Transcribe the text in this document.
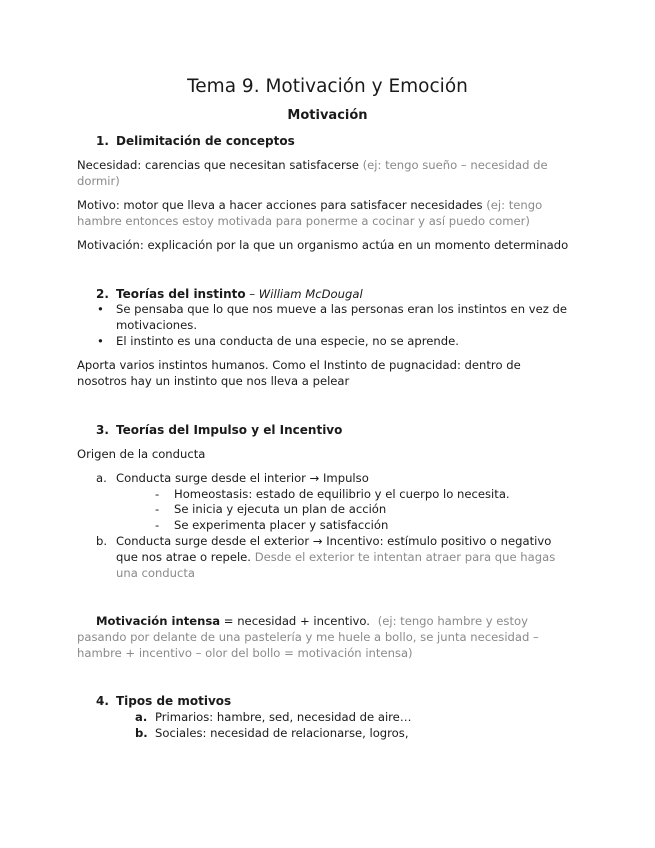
Tema 9. Motivación y Emoción
Motivación
1. Delimitación de conceptos
Necesidad: carencias que necesitan satisfacerse (ej: tengo sueño – necesidad de
dormir)
Motivo: motor que lleva a hacer acciones para satisfacer necesidades (ej: tengo
hambre entonces estoy motivada para ponerme a cocinar y así puedo comer)
Motivación: explicación por la que un organismo actúa en un momento determinado
2. Teorías del instinto – William McDougal
• Se pensaba que lo que nos mueve a las personas eran los instintos en vez de
motivaciones.
• El instinto es una conducta de una especie, no se aprende.
Aporta varios instintos humanos. Como el Instinto de pugnacidad: dentro de
nosotros hay un instinto que nos lleva a pelear
3. Teorías del Impulso y el Incentivo
Origen de la conducta
a. Conducta surge desde el interior → Impulso
- Homeostasis: estado de equilibrio y el cuerpo lo necesita.
- Se inicia y ejecuta un plan de acción
- Se experimenta placer y satisfacción
b. Conducta surge desde el exterior → Incentivo: estímulo positivo o negativo
que nos atrae o repele. Desde el exterior te intentan atraer para que hagas
una conducta
Motivación intensa = necesidad + incentivo. (ej: tengo hambre y estoy
pasando por delante de una pastelería y me huele a bollo, se junta necesidad –
hambre + incentivo – olor del bollo = motivación intensa)
4. Tipos de motivos
a. Primarios: hambre, sed, necesidad de aire…
b. Sociales: necesidad de relacionarse, logros,
